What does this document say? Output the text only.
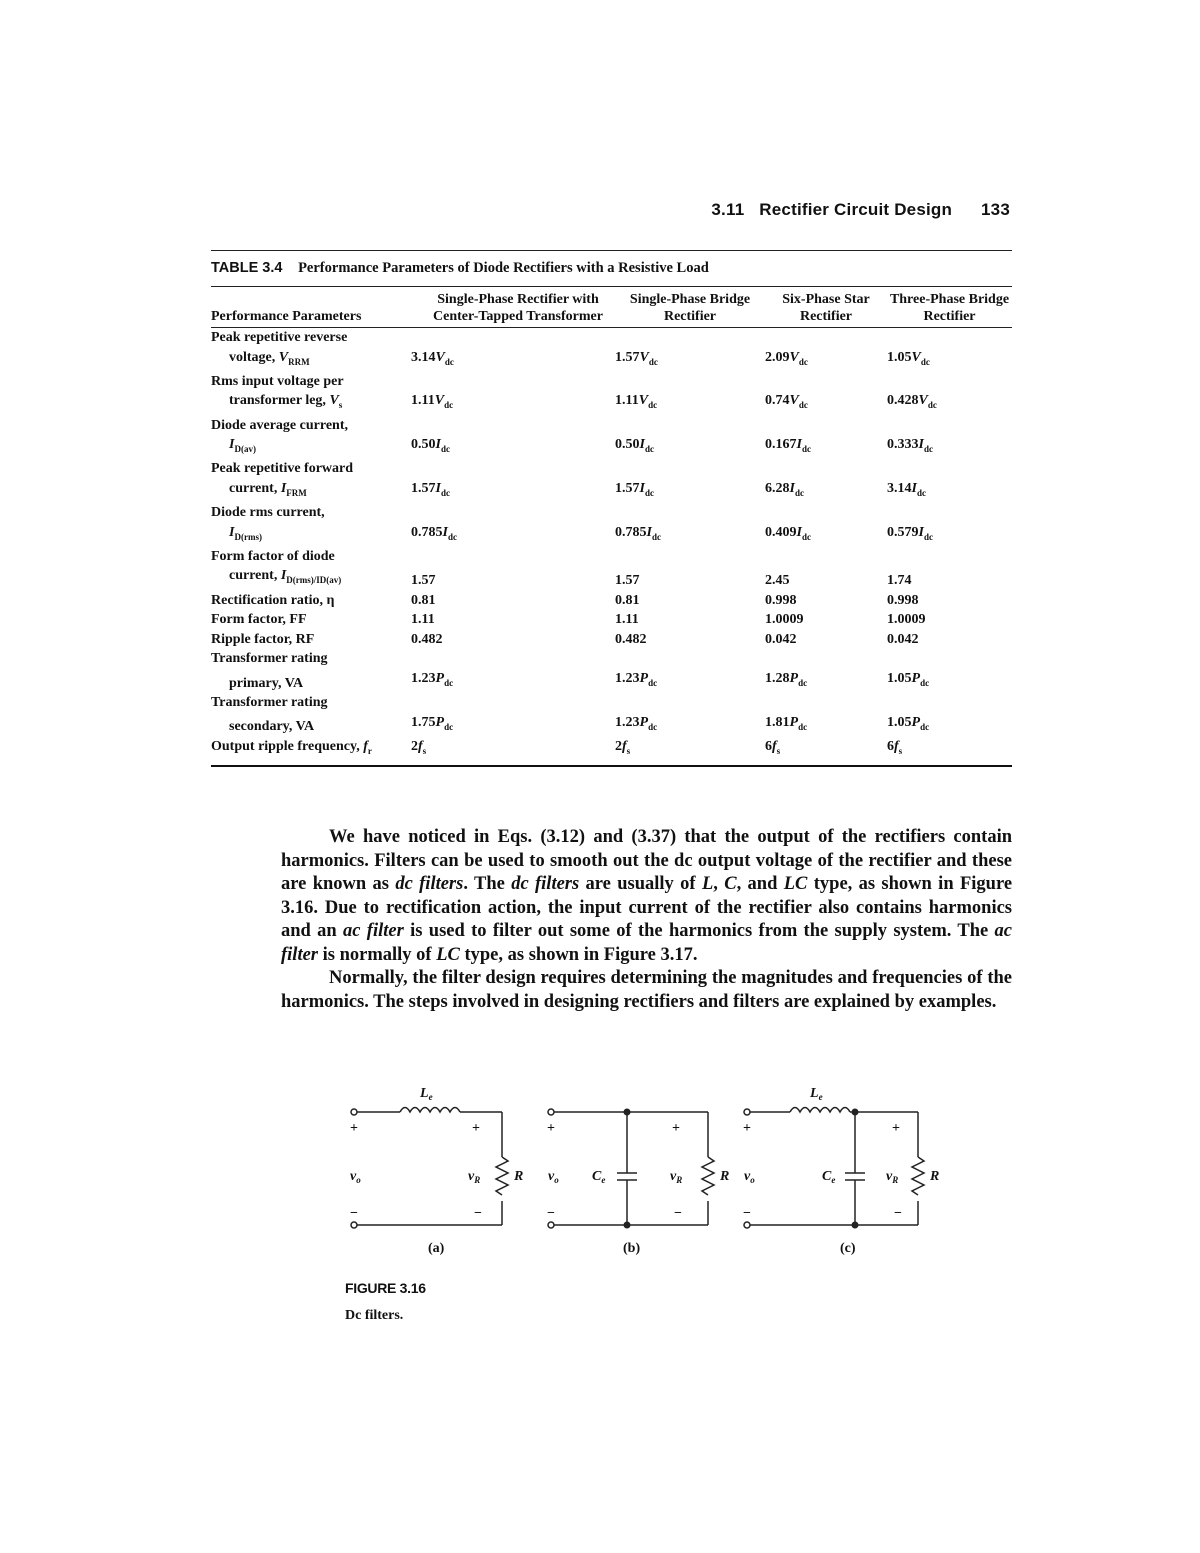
3.11 Rectifier Circuit Design 133
TABLE 3.4 Performance Parameters of Diode Rectifiers with a Resistive Load
Performance Parameters	Single-Phase Rectifier with Center-Tapped Transformer	Single-Phase Bridge Rectifier	Six-Phase Star Rectifier	Three-Phase Bridge Rectifier
Peak repetitive reverse				
voltage, $V_{RRM}$	$3.14V_{dc}$	$1.57V_{dc}$	$2.09V_{dc}$	$1.05V_{dc}$
Rms input voltage per				
transformer leg, $V_s$	$1.11V_{dc}$	$1.11V_{dc}$	$0.74V_{dc}$	$0.428V_{dc}$
Diode average current,				
$I_{D(av)}$	$0.50I_{dc}$	$0.50I_{dc}$	$0.167I_{dc}$	$0.333I_{dc}$
Peak repetitive forward				
current, $I_{FRM}$	$1.57I_{dc}$	$1.57I_{dc}$	$6.28I_{dc}$	$3.14I_{dc}$
Diode rms current,				
$I_{D(rms)}$	$0.785I_{dc}$	$0.785I_{dc}$	$0.409I_{dc}$	$0.579I_{dc}$
Form factor of diode				
current, $I_{D(rms)/ID(av)}$	1.57	1.57	2.45	1.74
Rectification ratio, η	0.81	0.81	0.998	0.998
Form factor, FF	1.11	1.11	1.0009	1.0009
Ripple factor, RF	0.482	0.482	0.042	0.042
Transformer rating				
primary, VA	$1.23P_{dc}$	$1.23P_{dc}$	$1.28P_{dc}$	$1.05P_{dc}$
Transformer rating				
secondary, VA	$1.75P_{dc}$	$1.23P_{dc}$	$1.81P_{dc}$	$1.05P_{dc}$
Output ripple frequency, $f_r$	$2f_s$	$2f_s$	$6f_s$	$6f_s$

We have noticed in Eqs. (3.12) and (3.37) that the output of the rectifiers contain harmonics. Filters can be used to smooth out the dc output voltage of the rectifier and these are known as dc filters. The dc filters are usually of L, C, and LC type, as shown in Figure 3.16. Due to rectification action, the input current of the rectifier also contains harmonics and an ac filter is used to filter out some of the harmonics from the supply system. The ac filter is normally of LC type, as shown in Figure 3.17.

Normally, the filter design requires determining the magnitudes and frequencies of the harmonics. The steps involved in designing rectifiers and filters are explained by examples.

$L_e$	$L_e$
+	+	+	+	+	+
$v_o$	$v_o$	$v_o$
$v_R$	$v_R$	$v_R$
R	R	R
$C_e$	$C_e$
−	−	−	−	−	−
(a)	(b)	(c)
FIGURE 3.16
Dc filters.
